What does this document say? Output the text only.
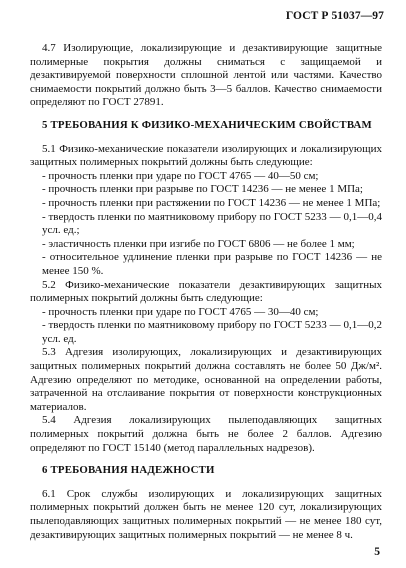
ГОСТ Р 51037—97

4.7 Изолирующие, локализирующие и дезактивирующие защитные полимерные покрытия должны сниматься с защищаемой и дезактивируемой поверхности сплошной лентой или частями. Качество снимаемости покрытий должно быть 3—5 баллов. Качество снимаемости определяют по ГОСТ 27891.

5 ТРЕБОВАНИЯ К ФИЗИКО-МЕХАНИЧЕСКИМ СВОЙСТВАМ

5.1 Физико-механические показатели изолирующих и локализирующих защитных полимерных покрытий должны быть следующие:

- прочность пленки при ударе по ГОСТ 4765 — 40—50 см;

- прочность пленки при разрыве по ГОСТ 14236 — не менее 1 МПа;

- прочность пленки при растяжении по ГОСТ 14236 — не менее 1 МПа;

- твердость пленки по маятниковому прибору по ГОСТ 5233 — 0,1—0,4 усл. ед.;

- эластичность пленки при изгибе по ГОСТ 6806 — не более 1 мм;

- относительное удлинение пленки при разрыве по ГОСТ 14236 — не менее 150 %.

5.2 Физико-механические показатели дезактивирующих защитных полимерных покрытий должны быть следующие:

- прочность пленки при ударе по ГОСТ 4765 — 30—40 см;

- твердость пленки по маятниковому прибору по ГОСТ 5233 — 0,1—0,2 усл. ед.

5.3 Адгезия изолирующих, локализирующих и дезактивирующих защитных полимерных покрытий должна составлять не более 50 Дж/м². Адгезию определяют по методике, основанной на определении работы, затраченной на отслаивание покрытия от поверхности конструкционных материалов.

5.4 Адгезия локализирующих пылеподавляющих защитных полимерных покрытий должна быть не более 2 баллов. Адгезию определяют по ГОСТ 15140 (метод параллельных надрезов).

6 ТРЕБОВАНИЯ НАДЕЖНОСТИ

6.1 Срок службы изолирующих и локализирующих защитных полимерных покрытий должен быть не менее 120 сут, локализирующих пылеподавляющих защитных полимерных покрытий — не менее 180 сут, дезактивирующих защитных полимерных покрытий — не менее 8 ч.

5
